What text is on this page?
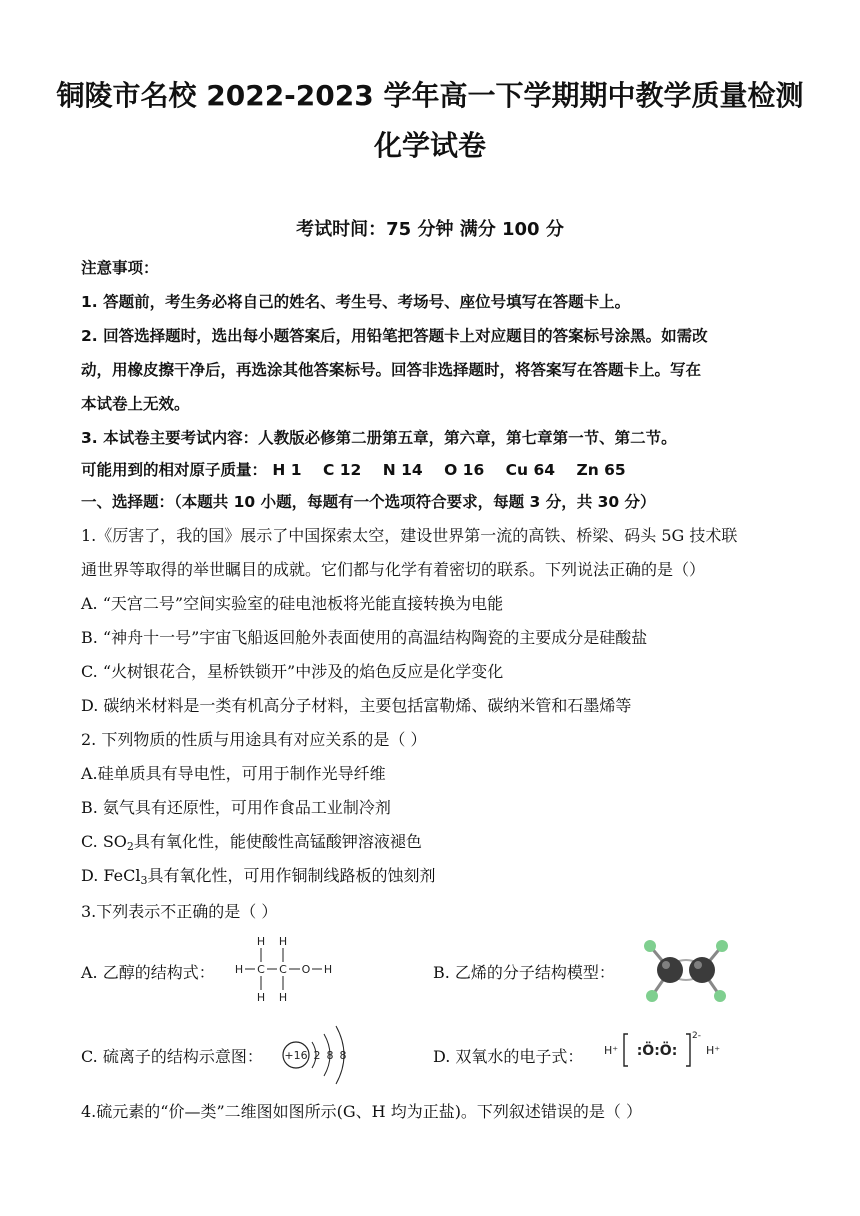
铜陵市名校 2022-2023 学年高一下学期期中教学质量检测
化学试卷
考试时间：75 分钟 满分 100 分
注意事项：
1. 答题前，考生务必将自己的姓名、考生号、考场号、座位号填写在答题卡上。
2. 回答选择题时，选出每小题答案后，用铅笔把答题卡上对应题目的答案标号涂黑。如需改
动，用橡皮擦干净后，再选涂其他答案标号。回答非选择题时，将答案写在答题卡上。写在
本试卷上无效。
3. 本试卷主要考试内容：人教版必修第二册第五章，第六章，第七章第一节、第二节。
可能用到的相对原子质量： H 1 C 12 N 14 O 16 Cu 64 Zn 65
一、选择题：（本题共 10 小题，每题有一个选项符合要求，每题 3 分，共 30 分）
1.《厉害了，我的国》展示了中国探索太空，建设世界第一流的高铁、桥梁、码头 5G 技术联
通世界等取得的举世瞩目的成就。它们都与化学有着密切的联系。下列说法正确的是（）
A. “天宫二号”空间实验室的硅电池板将光能直接转换为电能
B. “神舟十一号”宇宙飞船返回舱外表面使用的高温结构陶瓷的主要成分是硅酸盐
C. “火树银花合，星桥铁锁开”中涉及的焰色反应是化学变化
D. 碳纳米材料是一类有机高分子材料，主要包括富勒烯、碳纳米管和石墨烯等
2. 下列物质的性质与用途具有对应关系的是（ ）
A.硅单质具有导电性，可用于制作光导纤维
B. 氨气具有还原性，可用作食品工业制冷剂
C. $SO_2$具有氧化性，能使酸性高锰酸钾溶液褪色
D. FeCl$_3$具有氧化性，可用作铜制线路板的蚀刻剂
3.下列表示不正确的是（ ）
A. 乙醇的结构式：
H H
H C C O H
H H
B. 乙烯的分子结构模型：
C. 硫离子的结构示意图： +16 2 8 8	D. 双氧水的电子式： H⁺ :Ö:Ö:
2-
H⁺
4.硫元素的“价—类”二维图如图所示(G、H 均为正盐)。下列叙述错误的是（ ）
